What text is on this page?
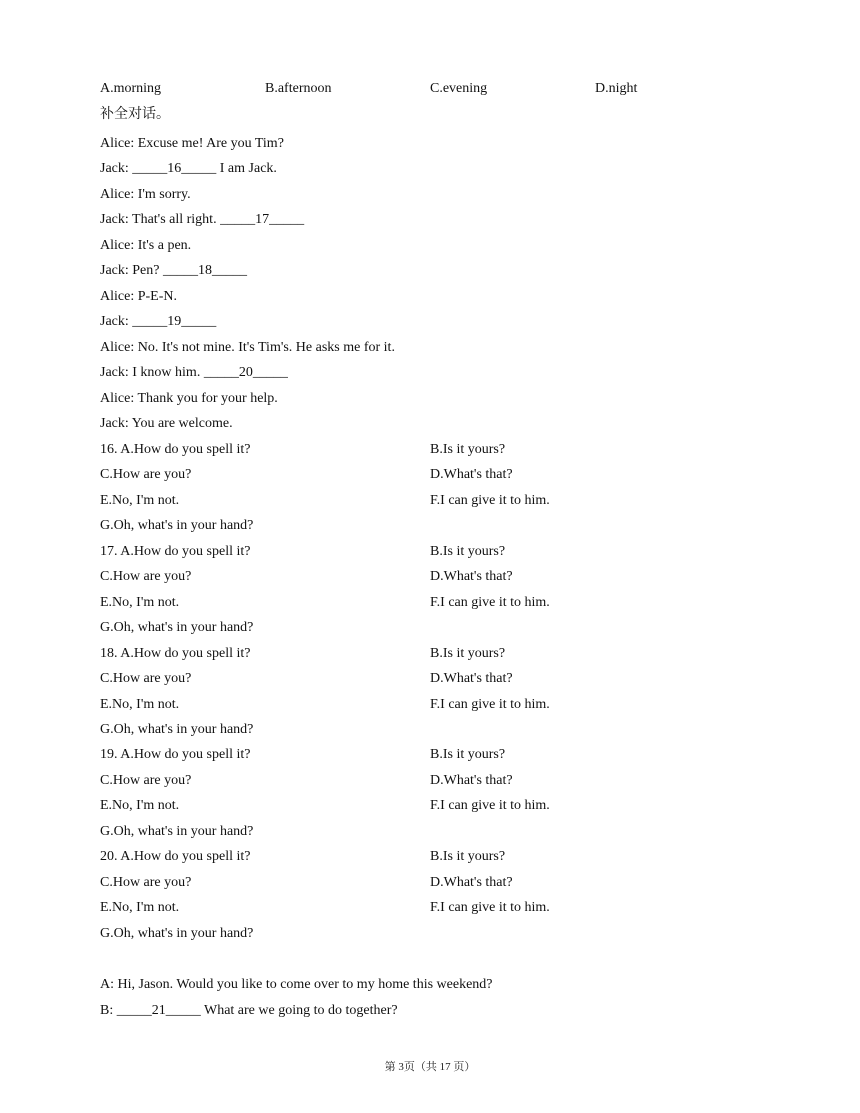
A.morning	B.afternoon	C.evening	D.night
补全对话。
Alice: Excuse me! Are you Tim?
Jack: _____16_____ I am Jack.
Alice: I'm sorry.
Jack: That's all right. _____17_____
Alice: It's a pen.
Jack: Pen? _____18_____
Alice: P-E-N.
Jack: _____19_____
Alice: No. It's not mine. It's Tim's. He asks me for it.
Jack: I know him. _____20_____
Alice: Thank you for your help.
Jack: You are welcome.
16. A.How do you spell it?	B.Is it yours?
C.How are you?	D.What's that?
E.No, I'm not.	F.I can give it to him.
G.Oh, what's in your hand?
17. A.How do you spell it?	B.Is it yours?
C.How are you?	D.What's that?
E.No, I'm not.	F.I can give it to him.
G.Oh, what's in your hand?
18. A.How do you spell it?	B.Is it yours?
C.How are you?	D.What's that?
E.No, I'm not.	F.I can give it to him.
G.Oh, what's in your hand?
19. A.How do you spell it?	B.Is it yours?
C.How are you?	D.What's that?
E.No, I'm not.	F.I can give it to him.
G.Oh, what's in your hand?
20. A.How do you spell it?	B.Is it yours?
C.How are you?	D.What's that?
E.No, I'm not.	F.I can give it to him.
G.Oh, what's in your hand?
A: Hi, Jason. Would you like to come over to my home this weekend?
B: _____21_____ What are we going to do together?
第 3页（共 17 页）
